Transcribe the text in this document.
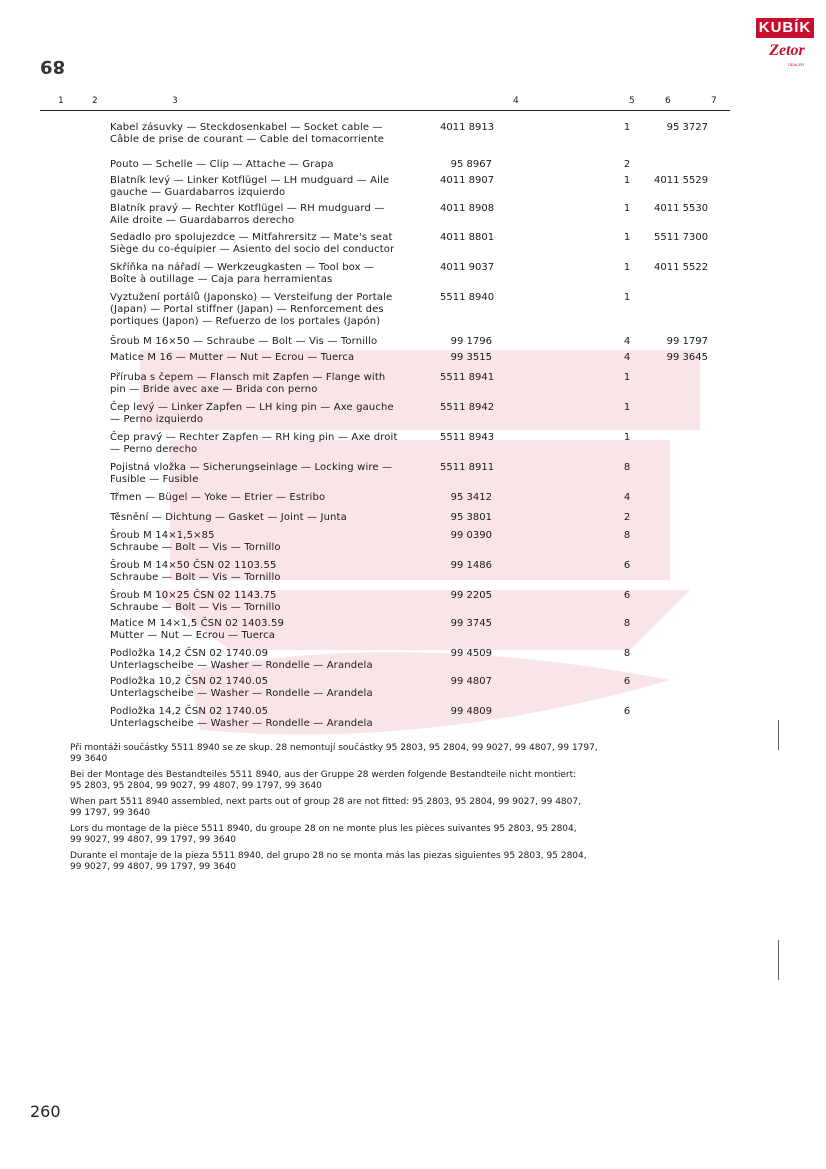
KUBÍK
Zetor
DEALER
89
1	2	3	4	5	6	7
Kabel zásuvky — Steckdosenkabel — Socket cable —
Câble de prise de courant — Cable del tomacorriente
4011 8913	1	95 3727
Pouto — Schelle — Clip — Attache — Grapa	95 8967	2
Blatník levý — Linker Kotflügel — LH mudguard — Aile
gauche — Guardabarros izquierdo
4011 8907	1	4011 5529
Blatník pravý — Rechter Kotflügel — RH mudguard —
Aile droite — Guardabarros derecho
4011 8908	1	4011 5530
Sedadlo pro spolujezdce — Mitfahrersitz — Mate's seat
Siège du co-équipier — Asiento del socio del conductor
4011 8801	1	5511 7300
Skříňka na nářadí — Werkzeugkasten — Tool box —
Boîte à outillage — Caja para herramientas
4011 9037	1	4011 5522
Vyztužení portálů (Japonsko) — Versteifung der Portale
(Japan) — Portal stiffner (Japan) — Renforcement des
portiques (Japon) — Refuerzo de los portales (Japón)
5511 8940	1
Šroub M 16×50 — Schraube — Bolt — Vis — Tornillo	99 1796	4	99 1797
Matice M 16 — Mutter — Nut — Ecrou — Tuerca	99 3515	4	99 3645
Příruba s čepem — Flansch mit Zapfen — Flange with
pin — Bride avec axe — Brida con perno
5511 8941	1
Čep levý — Linker Zapfen — LH king pin — Axe gauche
— Perno izquierdo
5511 8942	1
Čep pravý — Rechter Zapfen — RH king pin — Axe droit
— Perno derecho
5511 8943	1
Pojistná vložka — Sicherungseinlage — Locking wire —
Fusible — Fusible
5511 8911	8
Třmen — Bügel — Yoke — Etrier — Estribo	95 3412	4
Těsnění — Dichtung — Gasket — Joint — Junta	95 3801	2
Šroub M 14×1,5×85
Schraube — Bolt — Vis — Tornillo
99 0390	8
Šroub M 14×50 ČSN 02 1103.55
Schraube — Bolt — Vis — Tornillo
99 1486	6
Šroub M 10×25 ČSN 02 1143.75
Schraube — Bolt — Vis — Tornillo
99 2205	6
Matice M 14×1,5 ČSN 02 1403.59
Mutter — Nut — Ecrou — Tuerca
99 3745	8
Podložka 14,2 ČSN 02 1740.09
Unterlagscheibe — Washer — Rondelle — Arandela
99 4509	8
Podložka 10,2 ČSN 02 1740.05
Unterlagscheibe — Washer — Rondelle — Arandela
99 4807	6
Podložka 14,2 ČSN 02 1740.05
Unterlagscheibe — Washer — Rondelle — Arandela
99 4809	6
Při montáži součástky 5511 8940 se ze skup. 28 nemontují součástky 95 2803, 95 2804, 99 9027, 99 4807, 99 1797,
99 3640
Bei der Montage des Bestandteiles 5511 8940, aus der Gruppe 28 werden folgende Bestandteile nicht montiert:
95 2803, 95 2804, 99 9027, 99 4807, 99 1797, 99 3640
When part 5511 8940 assembled, next parts out of group 28 are not fitted: 95 2803, 95 2804, 99 9027, 99 4807,
99 1797, 99 3640
Lors du montage de la pièce 5511 8940, du groupe 28 on ne monte plus les pièces suivantes 95 2803, 95 2804,
99 9027, 99 4807, 99 1797, 99 3640
Durante el montaje de la pieza 5511 8940, del grupo 28 no se monta más las piezas siguientes 95 2803, 95 2804,
99 9027, 99 4807, 99 1797, 99 3640
260
